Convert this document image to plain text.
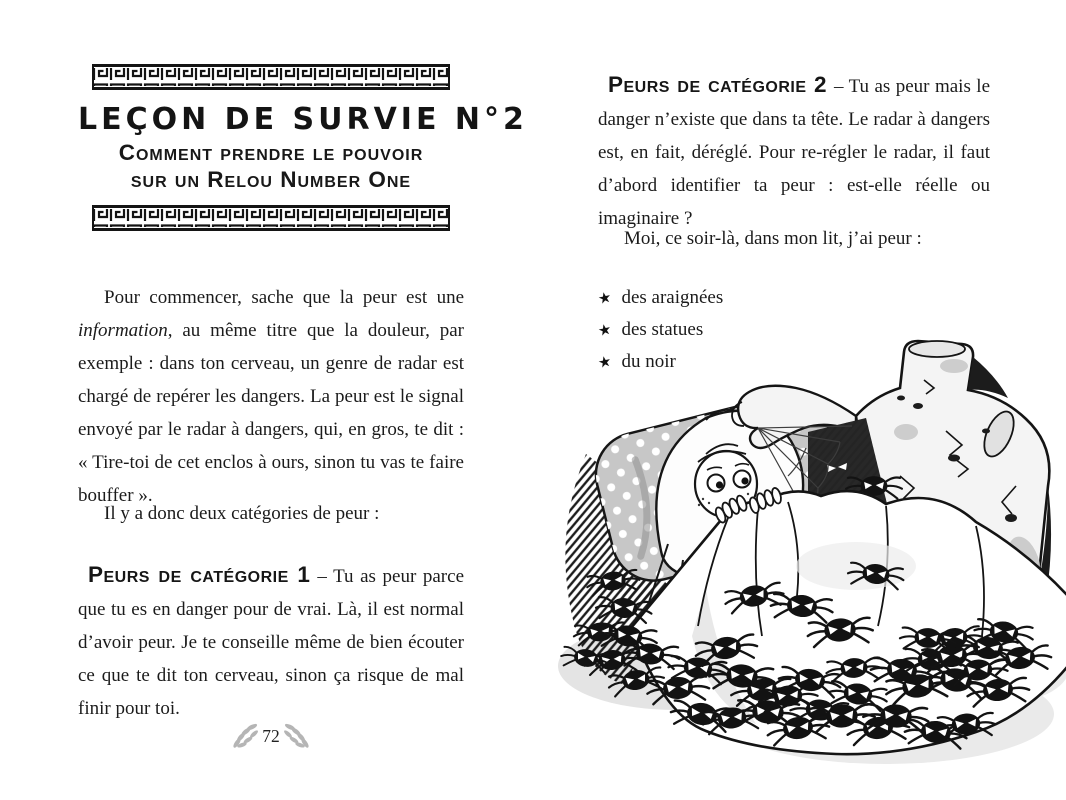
LEÇON DE SURVIE N°2
Comment prendre le pouvoir
sur un Relou Number One

Pour commencer, sache que la peur est une information, au même titre que la douleur, par exemple : dans ton cerveau, un genre de radar est chargé de repérer les dangers. La peur est le signal envoyé par le radar à dangers, qui, en gros, te dit : « Tire-toi de cet enclos à ours, sinon tu vas te faire bouffer ».

Il y a donc deux catégories de peur :

Peurs de catégorie 1 – Tu as peur parce que tu es en danger pour de vrai. Là, il est normal d’avoir peur. Je te conseille même de bien écouter ce que te dit ton cerveau, sinon ça risque de mal finir pour toi.

72

Peurs de catégorie 2 – Tu as peur mais le danger n’existe que dans ta tête. Le radar à dangers est, en fait, déréglé. Pour re-régler le radar, il faut d’abord identifier ta peur : est-elle réelle ou imaginaire ?

Moi, ce soir-là, dans mon lit, j’ai peur :

★ des araignées
★ des statues
★ du noir
